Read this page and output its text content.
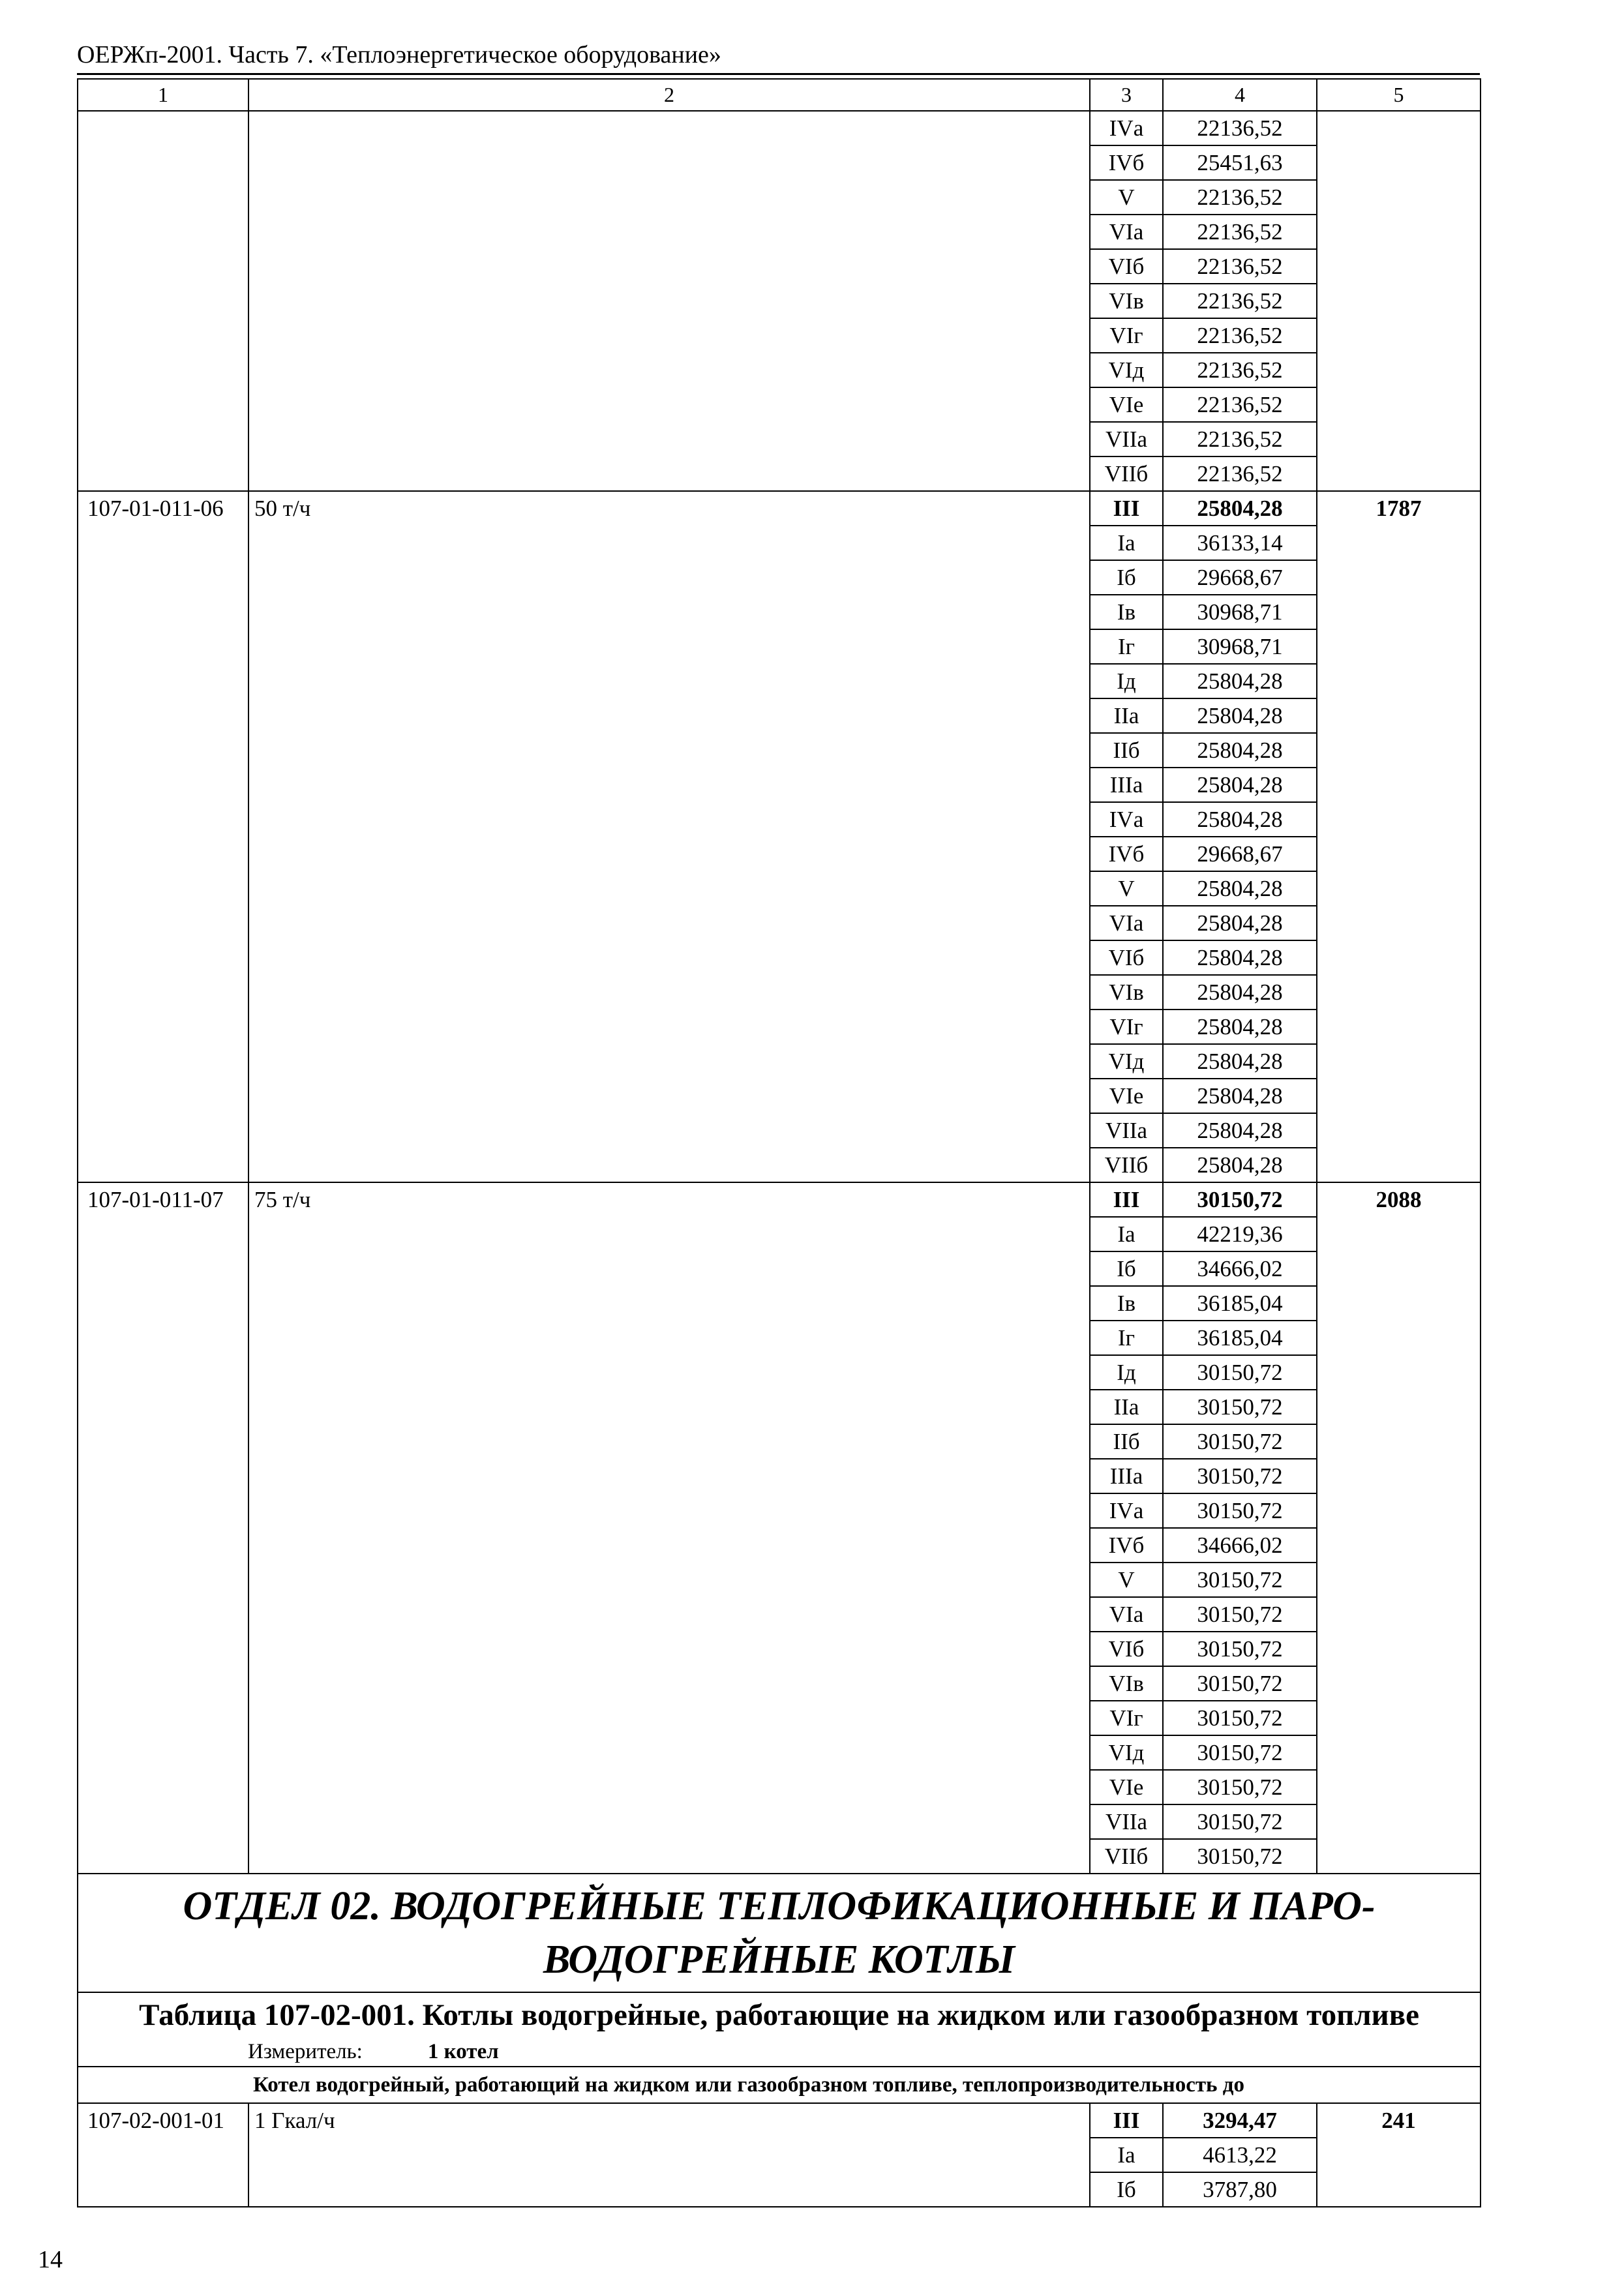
ОЕРЖп-2001. Часть 7. «Теплоэнергетическое оборудование»
1	2	3	4	5
		IVа	22136,52	
		IVб	25451,63	
		V	22136,52	
		VIа	22136,52	
		VIб	22136,52	
		VIв	22136,52	
		VIг	22136,52	
		VIд	22136,52	
		VIе	22136,52	
		VIIа	22136,52	
		VIIб	22136,52	
107-01-011-06	50 т/ч	III	25804,28	1787
		Iа	36133,14	
		Iб	29668,67	
		Iв	30968,71	
		Iг	30968,71	
		Iд	25804,28	
		IIа	25804,28	
		IIб	25804,28	
		IIIа	25804,28	
		IVа	25804,28	
		IVб	29668,67	
		V	25804,28	
		VIа	25804,28	
		VIб	25804,28	
		VIв	25804,28	
		VIг	25804,28	
		VIд	25804,28	
		VIе	25804,28	
		VIIа	25804,28	
		VIIб	25804,28	
107-01-011-07	75 т/ч	III	30150,72	2088
		Iа	42219,36	
		Iб	34666,02	
		Iв	36185,04	
		Iг	36185,04	
		Iд	30150,72	
		IIа	30150,72	
		IIб	30150,72	
		IIIа	30150,72	
		IVа	30150,72	
		IVб	34666,02	
		V	30150,72	
		VIа	30150,72	
		VIб	30150,72	
		VIв	30150,72	
		VIг	30150,72	
		VIд	30150,72	
		VIе	30150,72	
		VIIа	30150,72	
		VIIб	30150,72	
ОТДЕЛ 02. ВОДОГРЕЙНЫЕ ТЕПЛОФИКАЦИОННЫЕ И ПАРО-ВОДОГРЕЙНЫЕ КОТЛЫ				
Таблица 107-02-001. Котлы водогрейные, работающие на жидком или газообразном топливе				
Измеритель: 1 котел				
Котел водогрейный, работающий на жидком или газообразном топливе, теплопроизводительность до				
107-02-001-01	1 Гкал/ч	III	3294,47	241
		Iа	4613,22	
		Iб	3787,80	
14
